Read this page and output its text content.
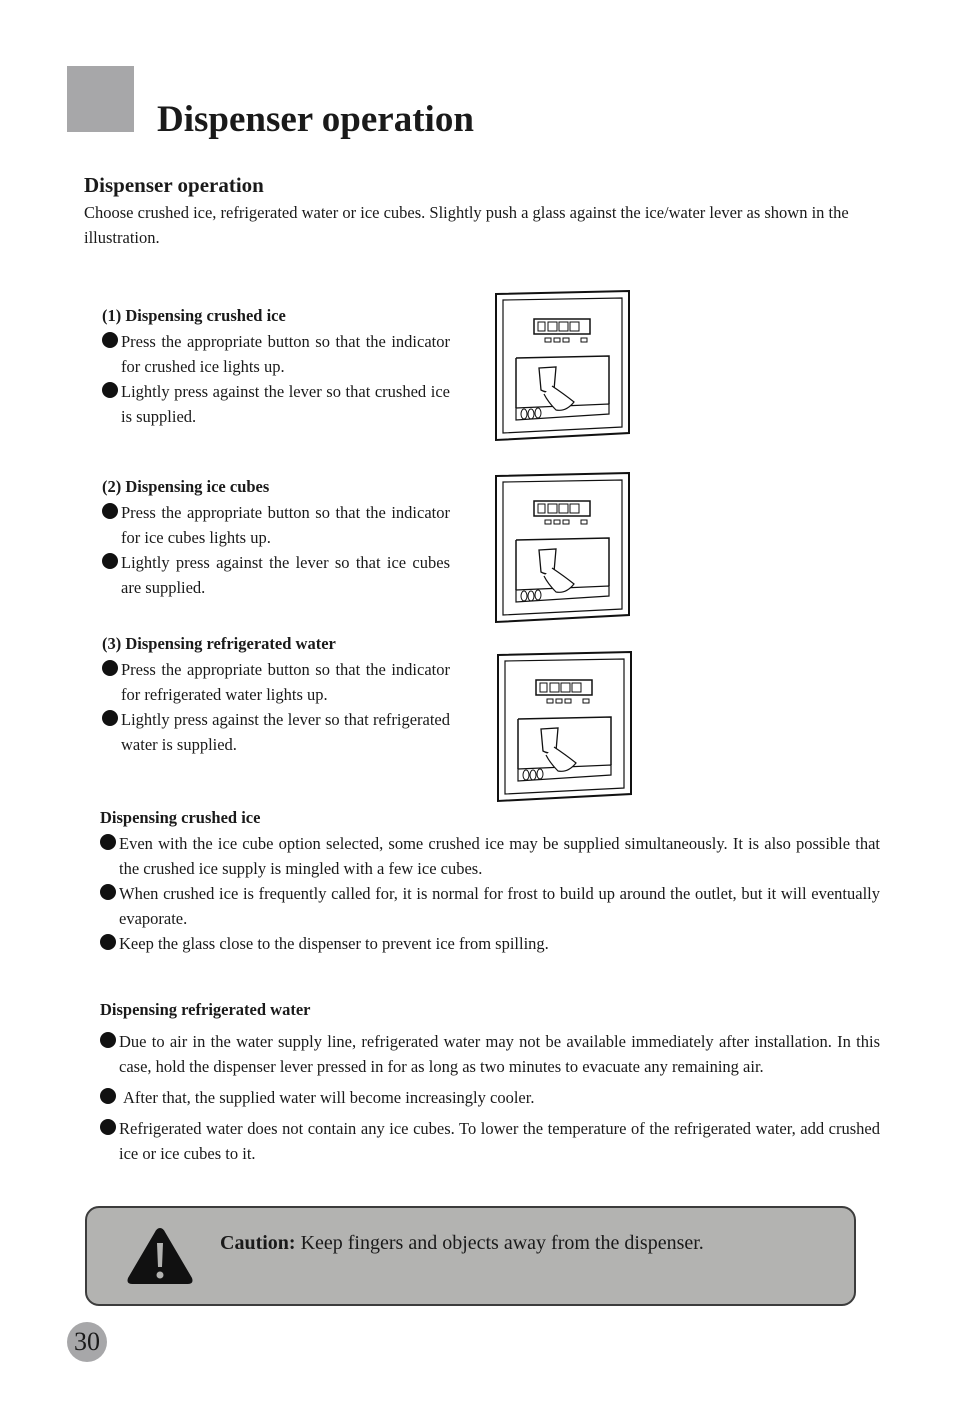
Dispenser operation
Dispenser operation

Choose crushed ice, refrigerated water or ice cubes. Slightly push a glass against the ice/water lever as shown in the illustration.

(1) Dispensing crushed ice

Press the appropriate button so that the indicator for crushed ice lights up.
Lightly press against the lever so that crushed ice is supplied.

(2) Dispensing ice cubes

Press the appropriate button so that the indicator for ice cubes lights up.
Lightly press against the lever so that ice cubes are supplied.

(3) Dispensing refrigerated water

Press the appropriate button so that the indicator for refrigerated water lights up.
Lightly press against the lever so that refrigerated water is supplied.

Dispensing crushed ice

Even with the ice cube option selected, some crushed ice may be supplied simultaneously. It is also possible that the crushed ice supply is mingled with a few ice cubes.
When crushed ice is frequently called for, it is normal for frost to build up around the outlet, but it will eventually evaporate.
Keep the glass close to the dispenser to prevent ice from spilling.

Dispensing refrigerated water

Due to air in the water supply line, refrigerated water may not be available immediately after installation. In this case, hold the dispenser lever pressed in for as long as two minutes to evacuate any remaining air.
After that, the supplied water will become increasingly cooler.
Refrigerated water does not contain any ice cubes. To lower the temperature of the refrigerated water, add crushed ice or ice cubes to it.

Caution: Keep fingers and objects away from the dispenser.

30
